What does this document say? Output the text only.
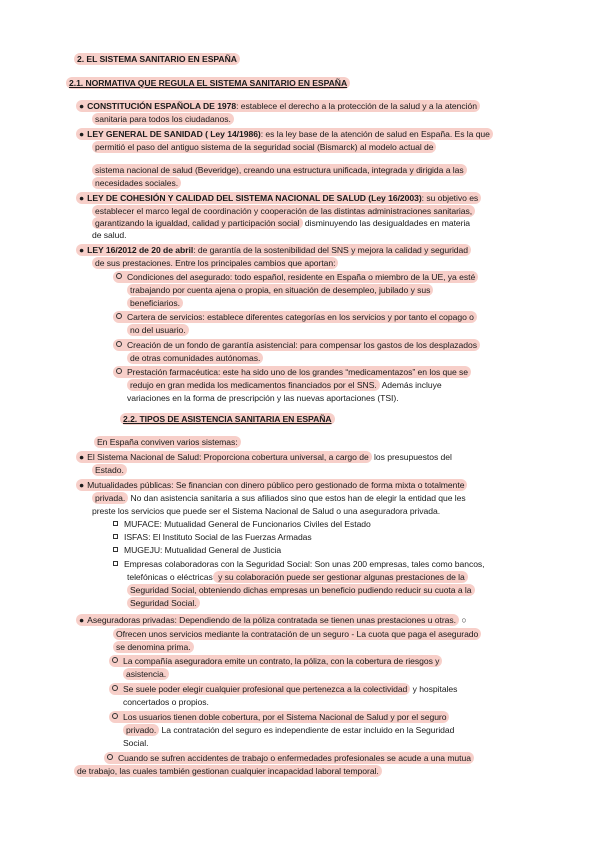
2. EL SISTEMA SANITARIO EN ESPAÑA
2.1. NORMATIVA QUE REGULA EL SISTEMA SANITARIO EN ESPAÑA
● CONSTITUCIÓN ESPAÑOLA DE 1978: establece el derecho a la protección de la salud y a la atención
sanitaria para todos los ciudadanos.
● LEY GENERAL DE SANIDAD ( Ley 14/1986): es la ley base de la atención de salud en España. Es la que
permitió el paso del antiguo sistema de la seguridad social (Bismarck) al modelo actual de
sistema nacional de salud (Beveridge), creando una estructura unificada, integrada y dirigida a las
necesidades sociales.
● LEY DE COHESIÓN Y CALIDAD DEL SISTEMA NACIONAL DE SALUD (Ley 16/2003): su objetivo es
establecer el marco legal de coordinación y cooperación de las distintas administraciones sanitarias,
garantizando la igualdad, calidad y participación social disminuyendo las desigualdades en materia
de salud.
● LEY 16/2012 de 20 de abril: de garantía de la sostenibilidad del SNS y mejora la calidad y seguridad
de sus prestaciones. Entre los principales cambios que aportan:
Condiciones del asegurado: todo español, residente en España o miembro de la UE, ya esté
trabajando por cuenta ajena o propia, en situación de desempleo, jubilado y sus
beneficiarios.
Cartera de servicios: establece diferentes categorías en los servicios y por tanto el copago o
no del usuario.
Creación de un fondo de garantía asistencial: para compensar los gastos de los desplazados
de otras comunidades autónomas.
Prestación farmacéutica: este ha sido uno de los grandes “medicamentazos” en los que se
redujo en gran medida los medicamentos financiados por el SNS. Además incluye
variaciones en la forma de prescripción y las nuevas aportaciones (TSI).
2.2. TIPOS DE ASISTENCIA SANITARIA EN ESPAÑA
En España conviven varios sistemas:
● El Sistema Nacional de Salud: Proporciona cobertura universal, a cargo de los presupuestos del
Estado.
● Mutualidades públicas: Se financian con dinero público pero gestionado de forma mixta o totalmente
privada. No dan asistencia sanitaria a sus afiliados sino que estos han de elegir la entidad que les
preste los servicios que puede ser el Sistema Nacional de Salud o una aseguradora privada.
MUFACE: Mutualidad General de Funcionarios Civiles del Estado
ISFAS: El Instituto Social de las Fuerzas Armadas
MUGEJU: Mutualidad General de Justicia
Empresas colaboradoras con la Seguridad Social: Son unas 200 empresas, tales como bancos,
telefónicas o eléctricas y su colaboración puede ser gestionar algunas prestaciones de la
Seguridad Social, obteniendo dichas empresas un beneficio pudiendo reducir su cuota a la
Seguridad Social.
● Aseguradoras privadas: Dependiendo de la póliza contratada se tienen unas prestaciones u otras. ○
Ofrecen unos servicios mediante la contratación de un seguro - La cuota que paga el asegurado
se denomina prima.
La compañía aseguradora emite un contrato, la póliza, con la cobertura de riesgos y
asistencia.
Se suele poder elegir cualquier profesional que pertenezca a la colectividad y hospitales
concertados o propios.
Los usuarios tienen doble cobertura, por el Sistema Nacional de Salud y por el seguro
privado. La contratación del seguro es independiente de estar incluido en la Seguridad
Social.
Cuando se sufren accidentes de trabajo o enfermedades profesionales se acude a una mutua
de trabajo, las cuales también gestionan cualquier incapacidad laboral temporal.
